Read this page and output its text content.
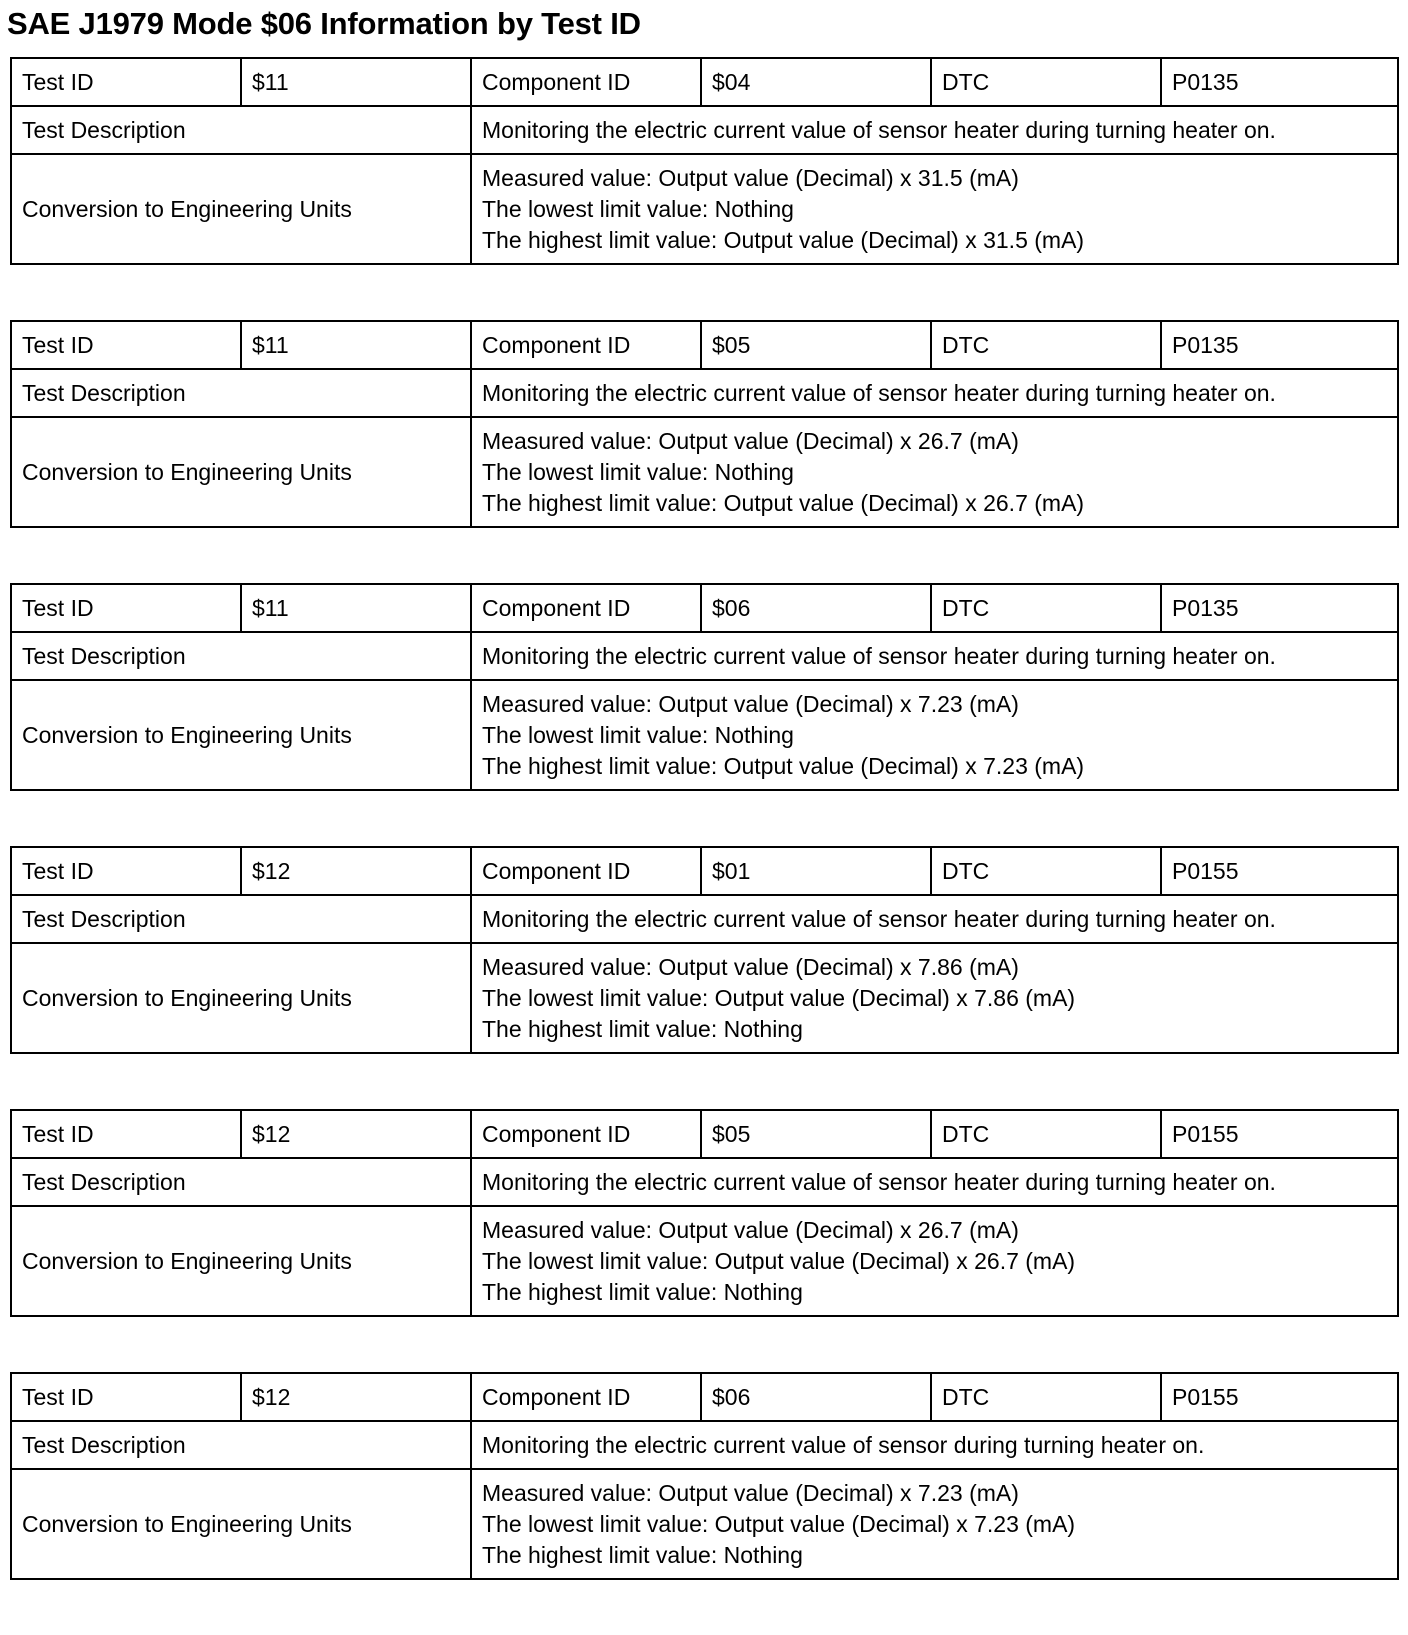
SAE J1979 Mode $06 Information by Test ID
Test ID	$11	Component ID	$04	DTC	P0135
Test Description		Monitoring the electric current value of sensor heater during turning heater on.			
Conversion to Engineering Units		Measured value: Output value (Decimal) x 31.5 (mA)
The lowest limit value: Nothing
The highest limit value: Output value (Decimal) x 31.5 (mA)			
Test ID	$11	Component ID	$05	DTC	P0135
Test Description		Monitoring the electric current value of sensor heater during turning heater on.			
Conversion to Engineering Units		Measured value: Output value (Decimal) x 26.7 (mA)
The lowest limit value: Nothing
The highest limit value: Output value (Decimal) x 26.7 (mA)			
Test ID	$11	Component ID	$06	DTC	P0135
Test Description		Monitoring the electric current value of sensor heater during turning heater on.			
Conversion to Engineering Units		Measured value: Output value (Decimal) x 7.23 (mA)
The lowest limit value: Nothing
The highest limit value: Output value (Decimal) x 7.23 (mA)			
Test ID	$12	Component ID	$01	DTC	P0155
Test Description		Monitoring the electric current value of sensor heater during turning heater on.			
Conversion to Engineering Units		Measured value: Output value (Decimal) x 7.86 (mA)
The lowest limit value: Output value (Decimal) x 7.86 (mA)
The highest limit value: Nothing			
Test ID	$12	Component ID	$05	DTC	P0155
Test Description		Monitoring the electric current value of sensor heater during turning heater on.			
Conversion to Engineering Units		Measured value: Output value (Decimal) x 26.7 (mA)
The lowest limit value: Output value (Decimal) x 26.7 (mA)
The highest limit value: Nothing			
Test ID	$12	Component ID	$06	DTC	P0155
Test Description		Monitoring the electric current value of sensor during turning heater on.			
Conversion to Engineering Units		Measured value: Output value (Decimal) x 7.23 (mA)
The lowest limit value: Output value (Decimal) x 7.23 (mA)
The highest limit value: Nothing			
